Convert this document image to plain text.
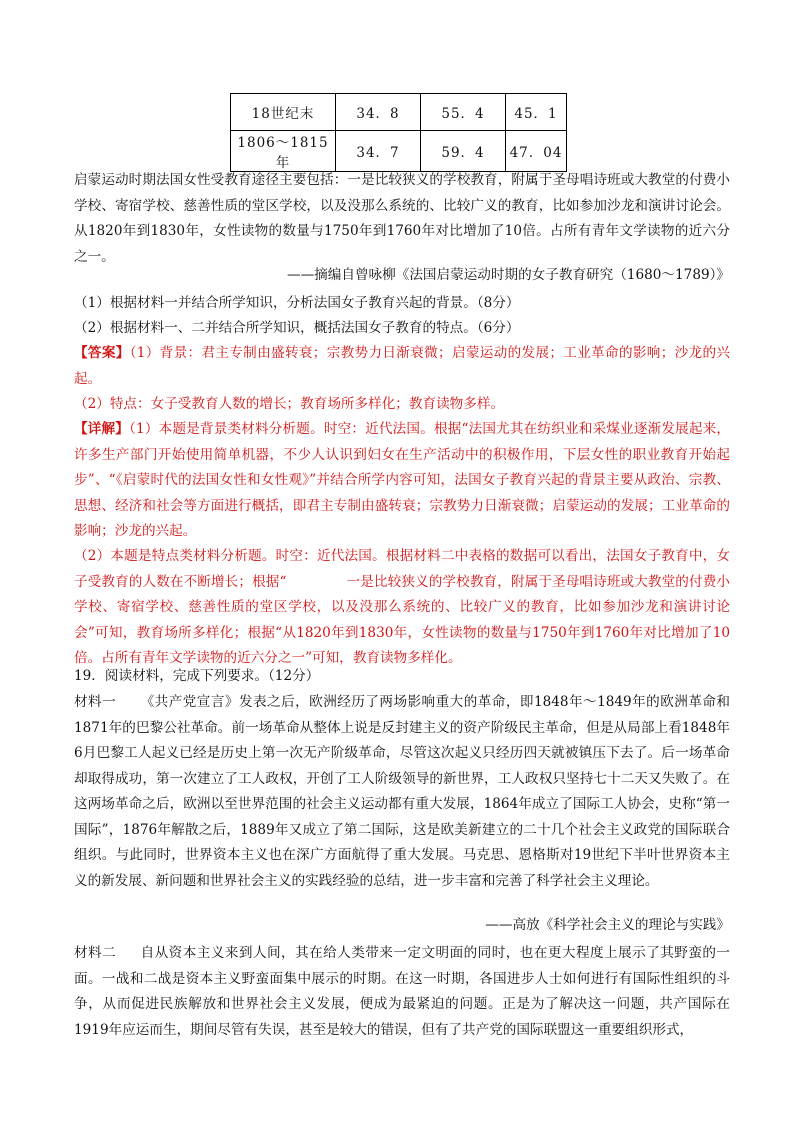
18世纪末	34．8	55．4	45．1
1806～1815年	34．7	59．4	47．04

启蒙运动时期法国女性受教育途径主要包括：一是比较狭义的学校教育，附属于圣母唱诗班或大教堂的付费小学校、寄宿学校、慈善性质的堂区学校，以及没那么系统的、比较广义的教育，比如参加沙龙和演讲讨论会。从1820年到1830年，女性读物的数量与1750年到1760年对比增加了10倍。占所有青年文学读物的近六分之一。

——摘编自曾咏柳《法国启蒙运动时期的女子教育研究（1680～1789）》

（1）根据材料一并结合所学知识，分析法国女子教育兴起的背景。（8分）

（2）根据材料一、二并结合所学知识，概括法国女子教育的特点。（6分）

【答案】（1）背景：君主专制由盛转衰；宗教势力日渐衰微；启蒙运动的发展；工业革命的影响；沙龙的兴起。

（2）特点：女子受教育人数的增长；教育场所多样化；教育读物多样。

【详解】（1）本题是背景类材料分析题。时空：近代法国。根据“法国尤其在纺织业和采煤业逐渐发展起来，许多生产部门开始使用简单机器，不少人认识到妇女在生产活动中的积极作用，下层女性的职业教育开始起步”、“《启蒙时代的法国女性和女性观》”并结合所学内容可知，法国女子教育兴起的背景主要从政治、宗教、思想、经济和社会等方面进行概括，即君主专制由盛转衰；宗教势力日渐衰微；启蒙运动的发展；工业革命的影响；沙龙的兴起。

（2）本题是特点类材料分析题。时空：近代法国。根据材料二中表格的数据可以看出，法国女子教育中，女子受教育的人数在不断增长；根据“	一是比较狭义的学校教育，附属于圣母唱诗班或大教堂的付费小学校、寄宿学校、慈善性质的堂区学校，以及没那么系统的、比较广义的教育，比如参加沙龙和演讲讨论会”可知，教育场所多样化；根据“从1820年到1830年，女性读物的数量与1750年到1760年对比增加了10倍。占所有青年文学读物的近六分之一”可知，教育读物多样化。

19．阅读材料，完成下列要求。（12分）

材料一 《共产党宣言》发表之后，欧洲经历了两场影响重大的革命，即1848年～1849年的欧洲革命和1871年的巴黎公社革命。前一场革命从整体上说是反封建主义的资产阶级民主革命，但是从局部上看1848年6月巴黎工人起义已经是历史上第一次无产阶级革命，尽管这次起义只经历四天就被镇压下去了。后一场革命却取得成功，第一次建立了工人政权，开创了工人阶级领导的新世界，工人政权只坚持七十二天又失败了。在这两场革命之后，欧洲以至世界范围的社会主义运动都有重大发展，1864年成立了国际工人协会，史称“第一国际”，1876年解散之后，1889年又成立了第二国际，这是欧美新建立的二十几个社会主义政党的国际联合组织。与此同时，世界资本主义也在深广方面航得了重大发展。马克思、恩格斯对19世纪下半叶世界资本主义的新发展、新问题和世界社会主义的实践经验的总结，进一步丰富和完善了科学社会主义理论。

——高放《科学社会主义的理论与实践》

材料二 自从资本主义来到人间，其在给人类带来一定文明面的同时，也在更大程度上展示了其野蛮的一面。一战和二战是资本主义野蛮面集中展示的时期。在这一时期，各国进步人士如何进行有国际性组织的斗争，从而促进民族解放和世界社会主义发展，便成为最紧迫的问题。正是为了解决这一问题，共产国际在1919年应运而生，期间尽管有失误，甚至是较大的错误，但有了共产党的国际联盟这一重要组织形式，
